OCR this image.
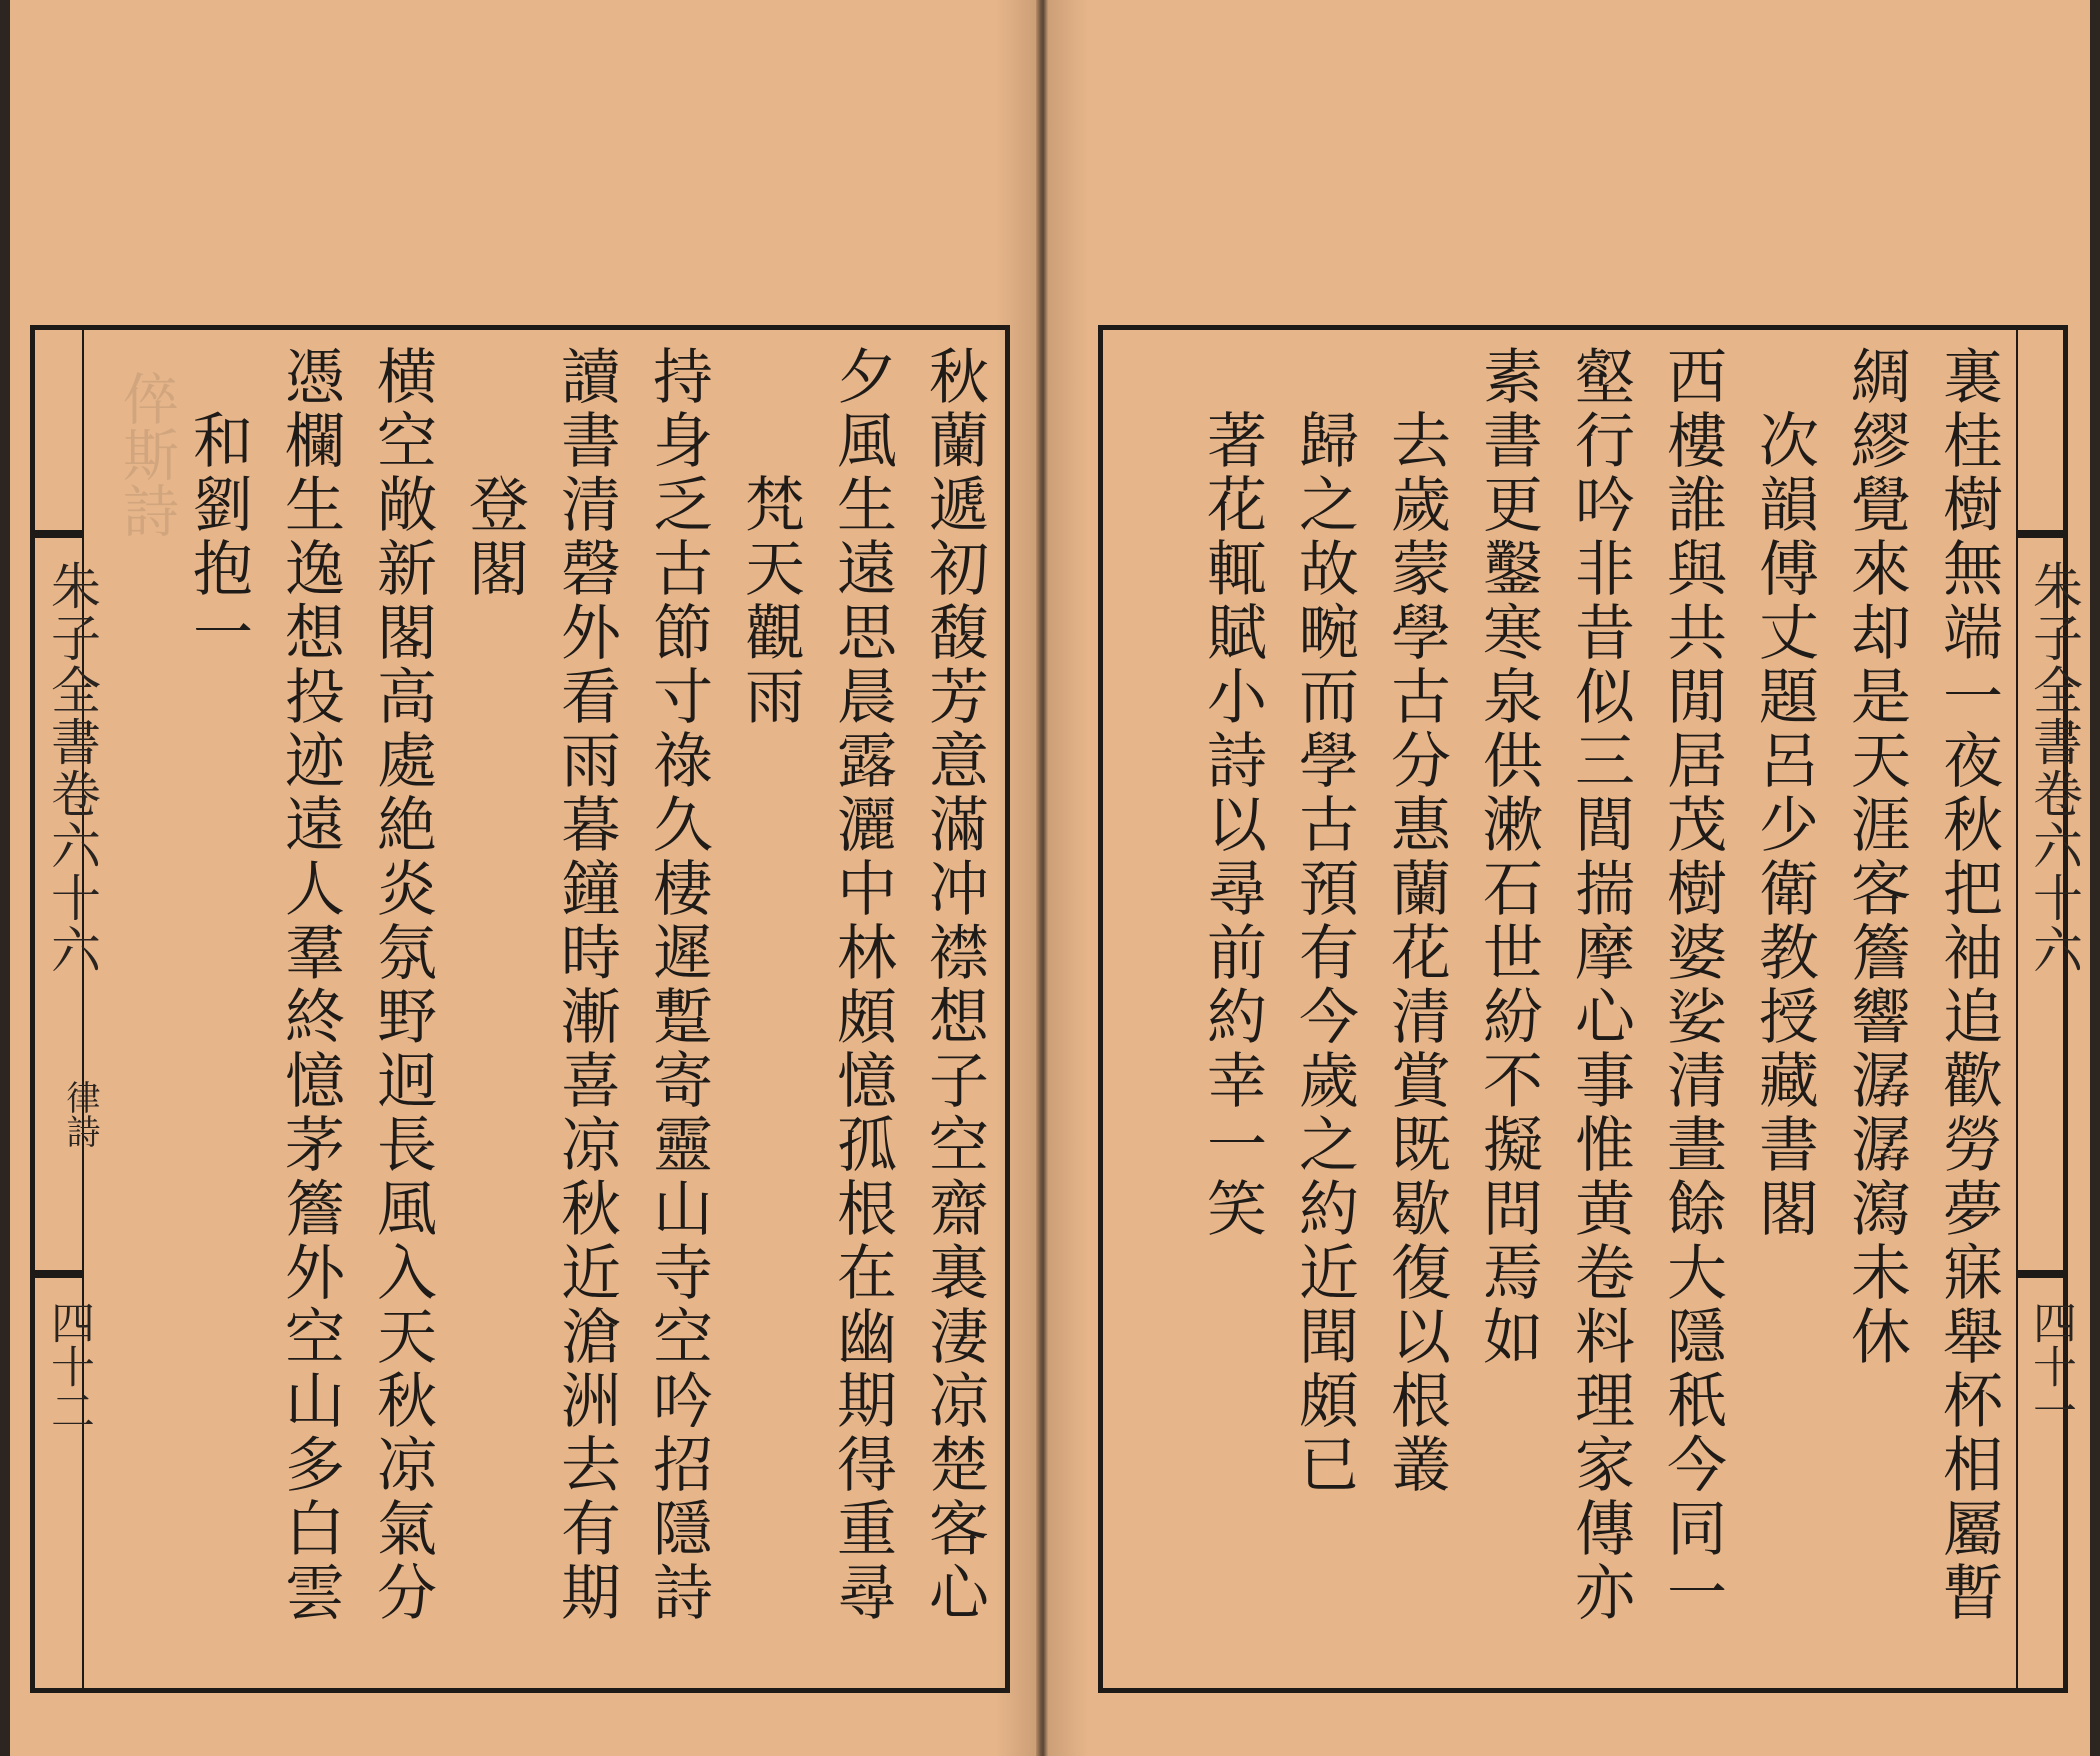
朱子全書卷六十六
律詩
四十二
倅斯詩	秋蘭遞初馥芳意滿冲襟想子空齋裏淒凉楚客心
夕風生遠思晨露灑中林頗憶孤根在幽期得重尋
梵天觀雨
持身乏古節寸祿久棲遲蹔寄靈山寺空吟招隱詩
讀書清磬外看雨暮鐘時漸喜凉秋近滄洲去有期
登閣
横空敞新閣高處絶炎氛野迥長風入天秋凉氣分
憑欄生逸想投迹遠人羣終憶茅簷外空山多白雲
和劉抱一
朱子全書卷六十六
四十一
裏桂樹無端一夜秋把袖追歡勞夢寐舉杯相屬暫
綢繆覺來却是天涯客簷響潺潺瀉未休
次韻傅丈題呂少衛教授藏書閣
西樓誰與共閒居茂樹婆娑清晝餘大隱秖今同一
壑行吟非昔似三閭揣摩心事惟黄卷料理家傳亦
素書更鑿寒泉供漱石世紛不擬問焉如
去歲蒙學古分惠蘭花清賞既歇復以根叢
歸之故畹而學古預有今歲之約近聞頗已
著花輒賦小詩以尋前約幸一笑
